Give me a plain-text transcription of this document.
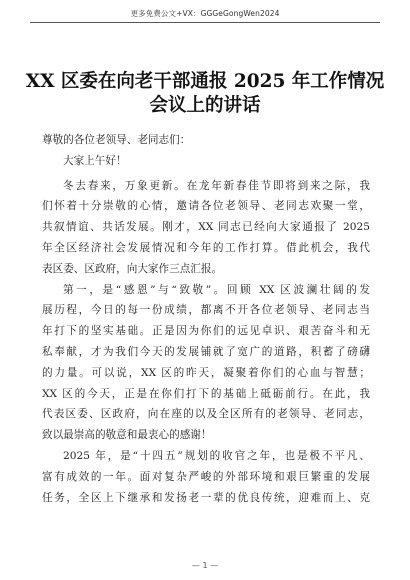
更多免费公文+VX：GGGeGongWen2024
XX 区委在向老干部通报 2025 年工作情况
会议上的讲话
尊敬的各位老领导、老同志们：
大家上午好！
冬去春来，万象更新。在龙年新春佳节即将到来之际，我
们怀着十分崇敬的心情，邀请各位老领导、老同志欢聚一堂，
共叙情谊、共话发展。刚才，XX 同志已经向大家通报了 2025
年全区经济社会发展情况和今年的工作打算。借此机会，我代
表区委、区政府，向大家作三点汇报。
第一，是“感恩”与“致敬”。回顾 XX 区波澜壮阔的发
展历程，今日的每一份成绩，都离不开各位老领导、老同志当
年打下的坚实基础。正是因为你们的远见卓识、艰苦奋斗和无
私奉献，才为我们今天的发展铺就了宽广的道路，积蓄了磅礴
的力量。可以说，XX 区的昨天，凝聚着你们的心血与智慧；
XX 区的今天，正是在你们打下的基础上砥砺前行。在此，我
代表区委、区政府，向在座的以及全区所有的老领导、老同志，
致以最崇高的敬意和最衷心的感谢！
2025 年，是“十四五”规划的收官之年，也是极不平凡、
富有成效的一年。面对复杂严峻的外部环境和艰巨繁重的发展
任务，全区上下继承和发扬老一辈的优良传统，迎难而上、克
— 1 —
